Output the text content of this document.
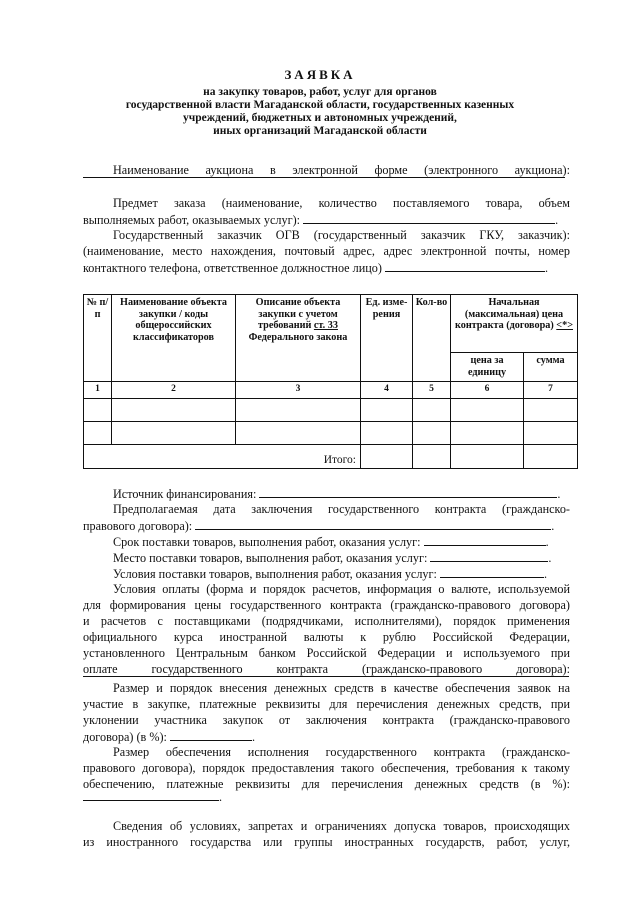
ЗАЯВКА
на закупку товаров, работ, услуг для органов
государственной власти Магаданской области, государственных казенных
учреждений, бюджетных и автономных учреждений,
иных организаций Магаданской области
Наименование аукциона в электронной форме (электронного аукциона):
Предмет заказа (наименование, количество поставляемого товара, объем
выполняемых работ, оказываемых услуг):	.
Государственный заказчик ОГВ (государственный заказчик ГКУ, заказчик):
(наименование, место нахождения, почтовый адрес, адрес электронной почты, номер
контактного телефона, ответственное должностное лицо)	.
№ п/п	Наименование объекта закупки / коды общероссийских классификаторов	Описание объекта закупки с учетом требований ст. 33 Федерального закона	Ед. изме-рения	Кол-во	Начальная (максимальная) цена контракта (договора) <*>	
					цена за единицу	сумма
1	2	3	4	5	6	7

Итого:						
Источник финансирования:	.
Предполагаемая дата заключения государственного контракта (гражданско-
правового договора):	.
Срок поставки товаров, выполнения работ, оказания услуг:	.
Место поставки товаров, выполнения работ, оказания услуг:	.
Условия поставки товаров, выполнения работ, оказания услуг:	.
Условия оплаты (форма и порядок расчетов, информация о валюте, используемой
для формирования цены государственного контракта (гражданско-правового договора)
и расчетов с поставщиками (подрядчиками, исполнителями), порядок применения
официального курса иностранной валюты к рублю Российской Федерации,
установленного Центральным банком Российской Федерации и используемого при
оплате государственного контракта (гражданско-правового договора):
Размер и порядок внесения денежных средств в качестве обеспечения заявок на
участие в закупке, платежные реквизиты для перечисления денежных средств, при
уклонении участника закупок от заключения контракта (гражданско-правового
договора) (в %):	.
Размер обеспечения исполнения государственного контракта (гражданско-
правового договора), порядок предоставления такого обеспечения, требования к такому
обеспечению, платежные реквизиты для перечисления денежных средств (в %):
.
Сведения об условиях, запретах и ограничениях допуска товаров, происходящих
из иностранного государства или группы иностранных государств, работ, услуг,
